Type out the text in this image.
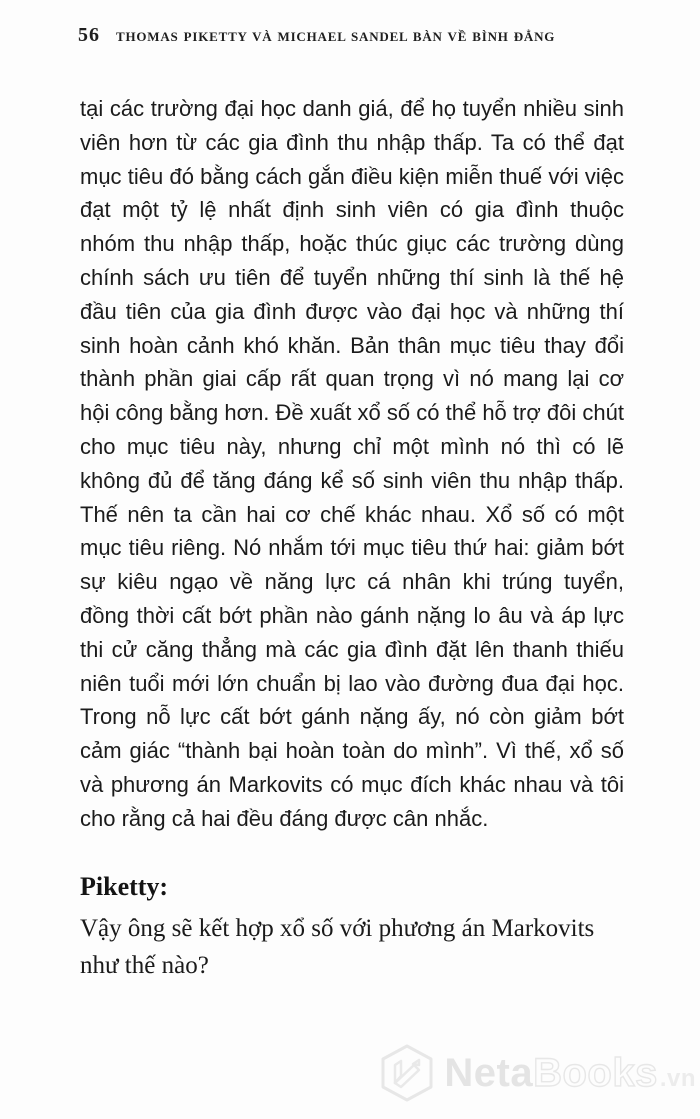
56 THOMAS PIKETTY VÀ MICHAEL SANDEL BÀN VỀ BÌNH ĐẲNG
tại các trường đại học danh giá, để họ tuyển nhiều sinh viên hơn từ các gia đình thu nhập thấp. Ta có thể đạt mục tiêu đó bằng cách gắn điều kiện miễn thuế với việc đạt một tỷ lệ nhất định sinh viên có gia đình thuộc nhóm thu nhập thấp, hoặc thúc giục các trường dùng chính sách ưu tiên để tuyển những thí sinh là thế hệ đầu tiên của gia đình được vào đại học và những thí sinh hoàn cảnh khó khăn. Bản thân mục tiêu thay đổi thành phần giai cấp rất quan trọng vì nó mang lại cơ hội công bằng hơn. Đề xuất xổ số có thể hỗ trợ đôi chút cho mục tiêu này, nhưng chỉ một mình nó thì có lẽ không đủ để tăng đáng kể số sinh viên thu nhập thấp. Thế nên ta cần hai cơ chế khác nhau. Xổ số có một mục tiêu riêng. Nó nhắm tới mục tiêu thứ hai: giảm bớt sự kiêu ngạo về năng lực cá nhân khi trúng tuyển, đồng thời cất bớt phần nào gánh nặng lo âu và áp lực thi cử căng thẳng mà các gia đình đặt lên thanh thiếu niên tuổi mới lớn chuẩn bị lao vào đường đua đại học. Trong nỗ lực cất bớt gánh nặng ấy, nó còn giảm bớt cảm giác “thành bại hoàn toàn do mình”. Vì thế, xổ số và phương án Markovits có mục đích khác nhau và tôi cho rằng cả hai đều đáng được cân nhắc.
Piketty:
Vậy ông sẽ kết hợp xổ số với phương án Markovits như thế nào?
NetaBooks.vn
